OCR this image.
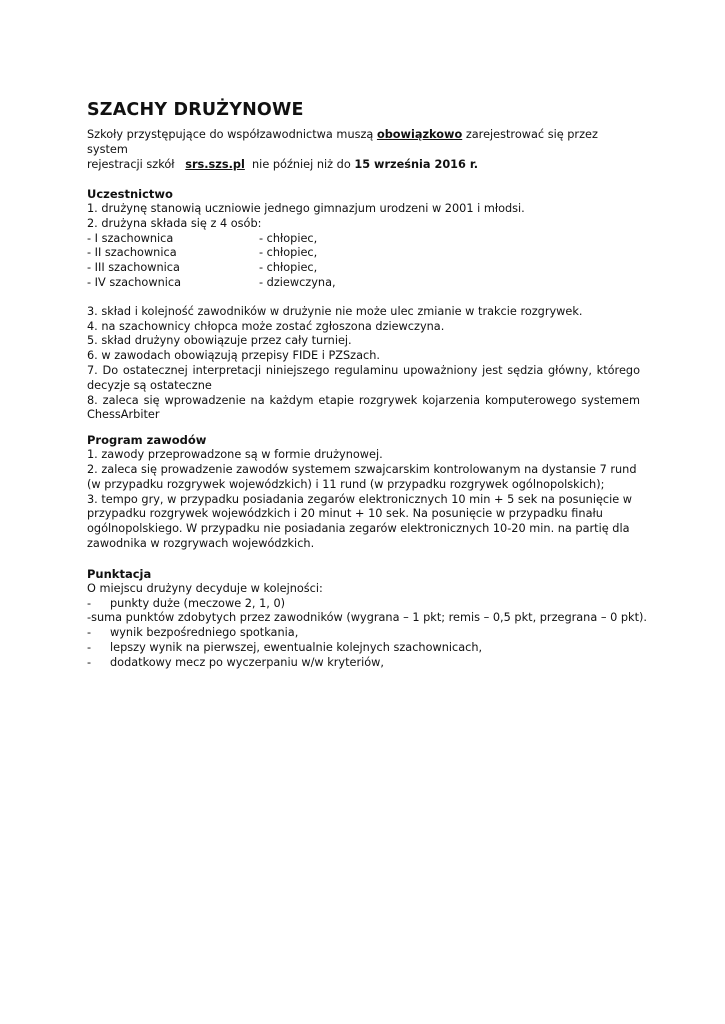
SZACHY DRUŻYNOWE

Szkoły przystępujące do współzawodnictwa muszą obowiązkowo zarejestrować się przez system
rejestracji szkół   srs.szs.pl  nie później niż do 15 września 2016 r.

Uczestnictwo

1. drużynę stanowią uczniowie jednego gimnazjum urodzeni w 2001 i młodsi.

2. drużyna składa się z 4 osób:

- I szachownica	- chłopiec,
- II szachownica	- chłopiec,
- III szachownica	- chłopiec,
- IV szachownica	- dziewczyna,

3. skład i kolejność zawodników w drużynie nie może ulec zmianie w trakcie rozgrywek.

4. na szachownicy chłopca może zostać zgłoszona dziewczyna.

5. skład drużyny obowiązuje przez cały turniej.

6. w zawodach obowiązują przepisy FIDE i PZSzach.

7. Do ostatecznej interpretacji niniejszego regulaminu upoważniony jest sędzia główny, którego decyzje są ostateczne

8. zaleca się wprowadzenie na każdym etapie rozgrywek kojarzenia komputerowego systemem ChessArbiter

Program zawodów

1. zawody przeprowadzone są w formie drużynowej.

2. zaleca się prowadzenie zawodów systemem szwajcarskim kontrolowanym na dystansie 7 rund

(w przypadku rozgrywek wojewódzkich) i 11 rund (w przypadku rozgrywek ogólnopolskich);

3. tempo gry, w przypadku posiadania zegarów elektronicznych 10 min + 5 sek na posunięcie w

przypadku rozgrywek wojewódzkich i 20 minut + 10 sek. Na posunięcie w przypadku finału

ogólnopolskiego. W przypadku nie posiadania zegarów elektronicznych 10-20 min. na partię dla

zawodnika w rozgrywach wojewódzkich.

Punktacja

O miejscu drużyny decyduje w kolejności:

-	punkty duże (meczowe 2, 1, 0)
- suma punktów zdobytych przez zawodników (wygrana – 1 pkt; remis – 0,5 pkt, przegrana – 0 pkt).
-	wynik bezpośredniego spotkania,
-	lepszy wynik na pierwszej, ewentualnie kolejnych szachownicach,
-	dodatkowy mecz po wyczerpaniu w/w kryteriów,
